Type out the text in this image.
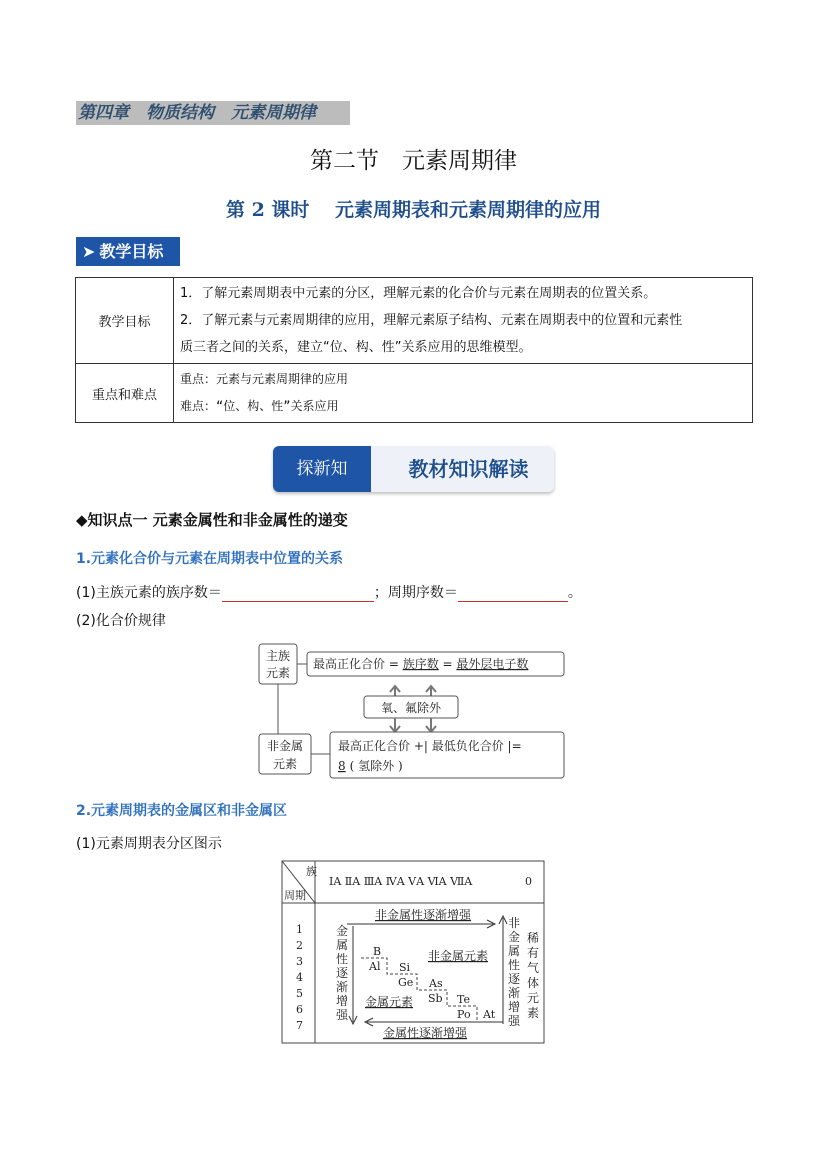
第四章　物质结构　元素周期律
第二节　元素周期律
第 2 课时　 元素周期表和元素周期律的应用
➤ 教学目标
教学目标	1．了解元素周期表中元素的分区，理解元素的化合价与元素在周期表的位置关系。
2．了解元素与元素周期律的应用，理解元素原子结构、元素在周期表中的位置和元素性
质三者之间的关系，建立“位、构、性”关系应用的思维模型。

重点和难点	重点：元素与元素周期律的应用
难点：“位、构、性”关系应用
探新知	教材知识解读
◆知识点一 元素金属性和非金属性的递变
1.元素化合价与元素在周期表中位置的关系
(1)主族元素的族序数＝	；周期序数＝	。
(2)化合价规律
主族
元素
最高正化合价 = 族序数 = 最外层电子数
氧、氟除外
非金属
元素
最高正化合价 +| 最低负化合价 |=
8 ( 氢除外 )
2.元素周期表的金属区和非金属区
(1)元素周期表分区图示
族
周期
ⅠA ⅡA ⅢA ⅣA ⅤA ⅥA ⅦA	0
1
2
3
4
5
6
7
非金属性逐渐增强
金
属
性
逐
渐
增
强
非
金
属
性
逐
渐
增
强
稀
有
气
体
元
素
B
Al Si
Ge As
Sb Te
Po At
非金属元素
金属元素
金属性逐渐增强
